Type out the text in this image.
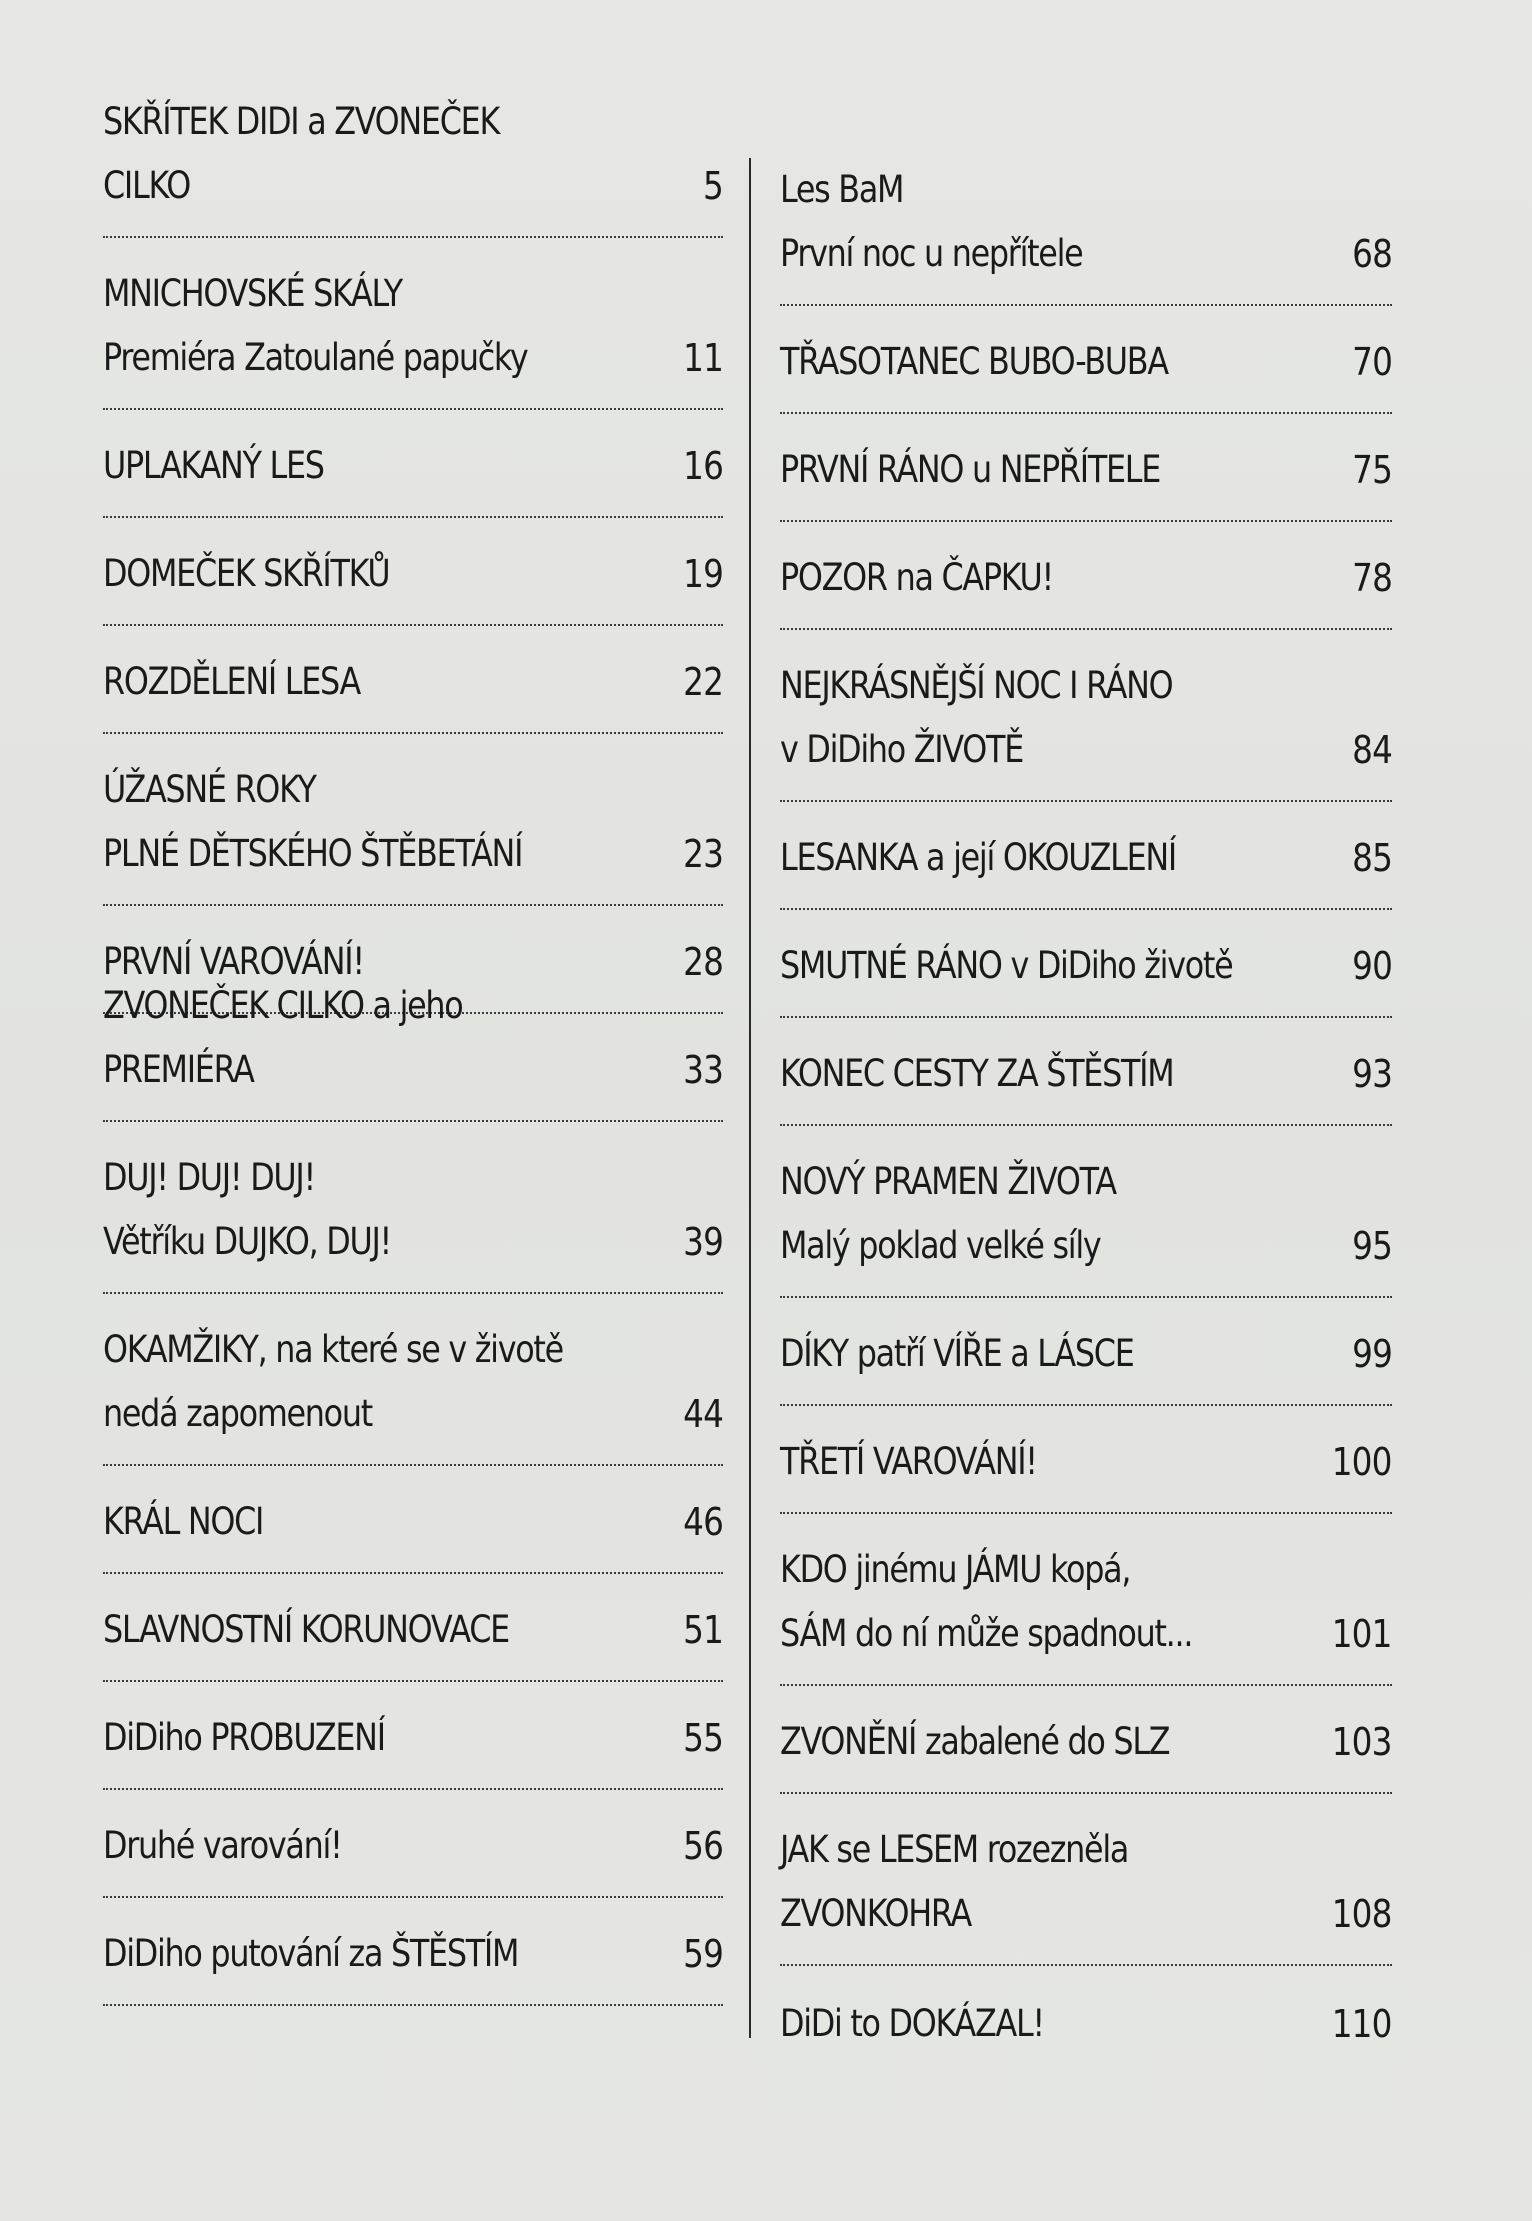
SKŘÍTEK DIDI a ZVONEČEK CILKO	5
MNICHOVSKÉ SKÁLY
Premiéra Zatoulané papučky	11
UPLAKANÝ LES	16
DOMEČEK SKŘÍTKŮ	19
ROZDĚLENÍ LESA	22
ÚŽASNÉ ROKY
PLNÉ DĚTSKÉHO ŠTĚBETÁNÍ	23
PRVNÍ VAROVÁNÍ!	28
ZVONEČEK CILKO a jeho PREMIÉRA	33
DUJ! DUJ! DUJ!
Větříku DUJKO, DUJ!	39
OKAMŽIKY, na které se v životě
nedá zapomenout	44
KRÁL NOCI	46
SLAVNOSTNÍ KORUNOVACE	51
DiDiho PROBUZENÍ	55
Druhé varování!	56
DiDiho putování za ŠTĚSTÍM	59
Les BaM
První noc u nepřítele	68
TŘASOTANEC BUBO-BUBA	70
PRVNÍ RÁNO u NEPŘÍTELE	75
POZOR na ČAPKU!	78
NEJKRÁSNĚJŠÍ NOC I RÁNO
v DiDiho ŽIVOTĚ	84
LESANKA a její OKOUZLENÍ	85
SMUTNÉ RÁNO v DiDiho životě	90
KONEC CESTY ZA ŠTĚSTÍM	93
NOVÝ PRAMEN ŽIVOTA
Malý poklad velké síly	95
DÍKY patří VÍŘE a LÁSCE	99
TŘETÍ VAROVÁNÍ!	100
KDO jinému JÁMU kopá,
SÁM do ní může spadnout...	101
ZVONĚNÍ zabalené do SLZ	103
JAK se LESEM rozezněla
ZVONKOHRA	108
DiDi to DOKÁZAL!	110
